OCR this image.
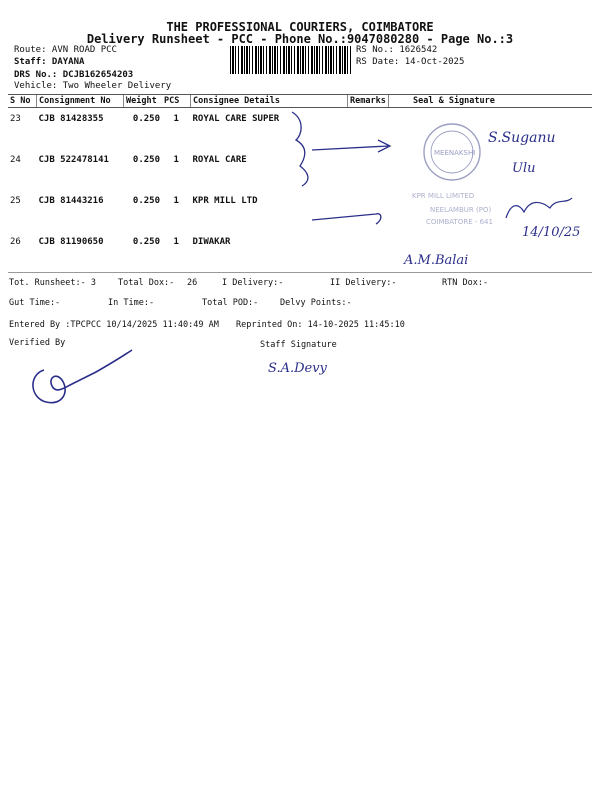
THE PROFESSIONAL COURIERS, COIMBATORE
Delivery Runsheet - PCC - Phone No.:9047080280 - Page No.:3
Route: AVN ROAD PCC
Staff: DAYANA
DRS No.: DCJB162654203
Vehicle: Two Wheeler Delivery
RS No.: 1626542
RS Date: 14-Oct-2025
S No	Consignment No	Weight	PCS	Consignee Details	Remarks	Seal & Signature
23	CJB 81428355	0.250	1	ROYAL CARE SUPER		
24	CJB 522478141	0.250	1	ROYAL CARE		
25	CJB 81443216	0.250	1	KPR MILL LTD		
26	CJB 81190650	0.250	1	DIWAKAR		
Tot. Runsheet:- 3	Total Dox:- 26	I Delivery:-	II Delivery:-	RTN Dox:-
Gut Time:-	In Time:-	Total POD:-	Delvy Points:-
Entered By :TPCPCC 10/14/2025 11:40:49 AM Reprinted On: 14-10-2025 11:45:10
Verified By	Staff Signature
MEENAKSHI
KPR MILL LIMITED
NEELAMBUR (PO)
COIMBATORE - 641
S.Suganu
Ulu
14/10/25
A.M.Balai
S.A.Devy
